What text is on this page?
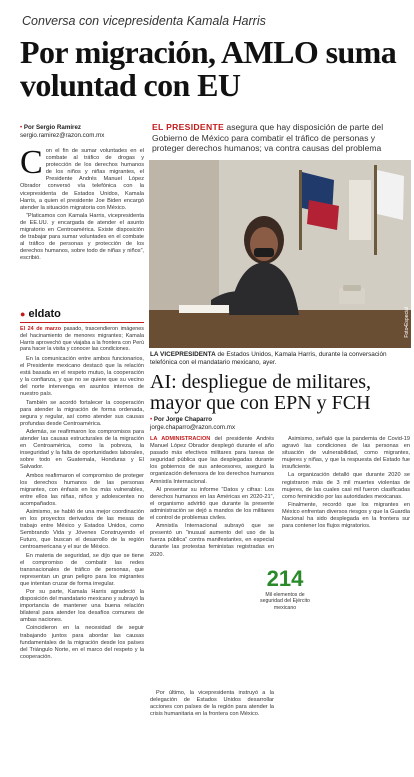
Conversa con vicepresidenta Kamala Harris
Por migración, AMLO suma voluntad con EU
• Por Sergio Ramírez
sergio.ramirez@razon.com.mx
EL PRESIDENTE asegura que hay disposición de parte del Gobierno de México para combatir el tráfico de personas y proteger derechos humanos; va contra causas del problema
C on el fin de sumar voluntades en el combate al tráfico de drogas y protección de los derechos humanos de los niños y niñas migrantes, el Presidente Andrés Manuel López Obrador conversó vía telefónica con la vicepresidenta de Estados Unidos, Kamala Harris, a quien el presidente Joe Biden encargó atender la situación migratoria con México.

“Platicamos con Kamala Harris, vicepresidenta de EE.UU. y encargada de atender el asunto migratorio en Centroamérica. Existe disposición de trabajar para sumar voluntades en el combate al tráfico de personas y protección de los derechos humanos, sobre todo de niñas y niños”, escribió.

● eldato
El 24 de marzo pasado, trascendieron imágenes del hacinamiento de menores migrantes; Kamala Harris aprovechó que viajaba a la frontera con Perú para hacer la visita y conocer las condiciones.

En la comunicación entre ambos funcionarios, el Presidente mexicano destacó que la relación está basada en el respeto mutuo, la cooperación y la confianza, y que no se quiere que su vecino del norte intervenga en asuntos internos de nuestro país.

También se acordó fortalecer la cooperación para atender la migración de forma ordenada, segura y regular, así como atender sus causas profundas desde Centroamérica.

Además, se reafirmaron los compromisos para atender las causas estructurales de la migración en Centroamérica, como la pobreza, la inseguridad y la falta de oportunidades laborales, sobre todo en Guatemala, Honduras y El Salvador.

Ambos reafirmaron el compromiso de proteger los derechos humanos de las personas migrantes, con énfasis en los más vulnerables, entre ellos las niñas, niños y adolescentes no acompañados.

Asimismo, se habló de una mejor coordinación en los proyectos derivados de las mesas de trabajo entre México y Estados Unidos, como Sembrando Vida y Jóvenes Construyendo el Futuro, que buscan el desarrollo de la región centroamericana y el sur de México.

En materia de seguridad, se dijo que se tiene el compromiso de combatir las redes transnacionales de tráfico de personas, que representan un gran peligro para los migrantes que intentan cruzar de forma irregular.

Por su parte, Kamala Harris agradeció la disposición del mandatario mexicano y subrayó la importancia de mantener una buena relación bilateral para atender los desafíos comunes de ambas naciones.

Coincidieron en la necesidad de seguir trabajando juntos para abordar las causas fundamentales de la migración desde los países del Triángulo Norte, en el marco del respeto y la cooperación.

Foto•Especial
LA VICEPRESIDENTA de Estados Unidos, Kamala Harris, durante la conversación telefónica con el mandatario mexicano, ayer.
AI: despliegue de militares, mayor que con EPN y FCH
• Por Jorge Chaparro
jorge.chaparro@razon.com.mx

LA ADMINISTRACIÓN del presidente Andrés Manuel López Obrador desplegó durante el año pasado más efectivos militares para tareas de seguridad pública que las desplegadas durante los gobiernos de sus antecesores, aseguró la organización defensora de los derechos humanos Amnistía Internacional.

Al presentar su informe “Datos y cifras: Los derechos humanos en las Américas en 2020-21”, el organismo advirtió que durante la presente administración se dejó a mandos de los militares el control de problemas civiles.

Amnistía Internacional subrayó que se presentó un “inusual aumento del uso de la fuerza pública” contra manifestantes, en especial durante las protestas feministas registradas en 2020.

214
Mil elementos de seguridad del Ejército mexicano

Por último, la vicepresidenta instruyó a la delegación de Estados Unidos desarrollar acciones con países de la región para atender la crisis humanitaria en la frontera con México.

Asimismo, señaló que la pandemia de Covid-19 agravó las condiciones de las personas en situación de vulnerabilidad, como migrantes, mujeres y niñas, y que la respuesta del Estado fue insuficiente.

La organización detalló que durante 2020 se registraron más de 3 mil muertes violentas de mujeres, de las cuales casi mil fueron clasificadas como feminicidio por las autoridades mexicanas.

Finalmente, recordó que los migrantes en México enfrentan diversos riesgos y que la Guardia Nacional ha sido desplegada en la frontera sur para contener los flujos migratorios.
